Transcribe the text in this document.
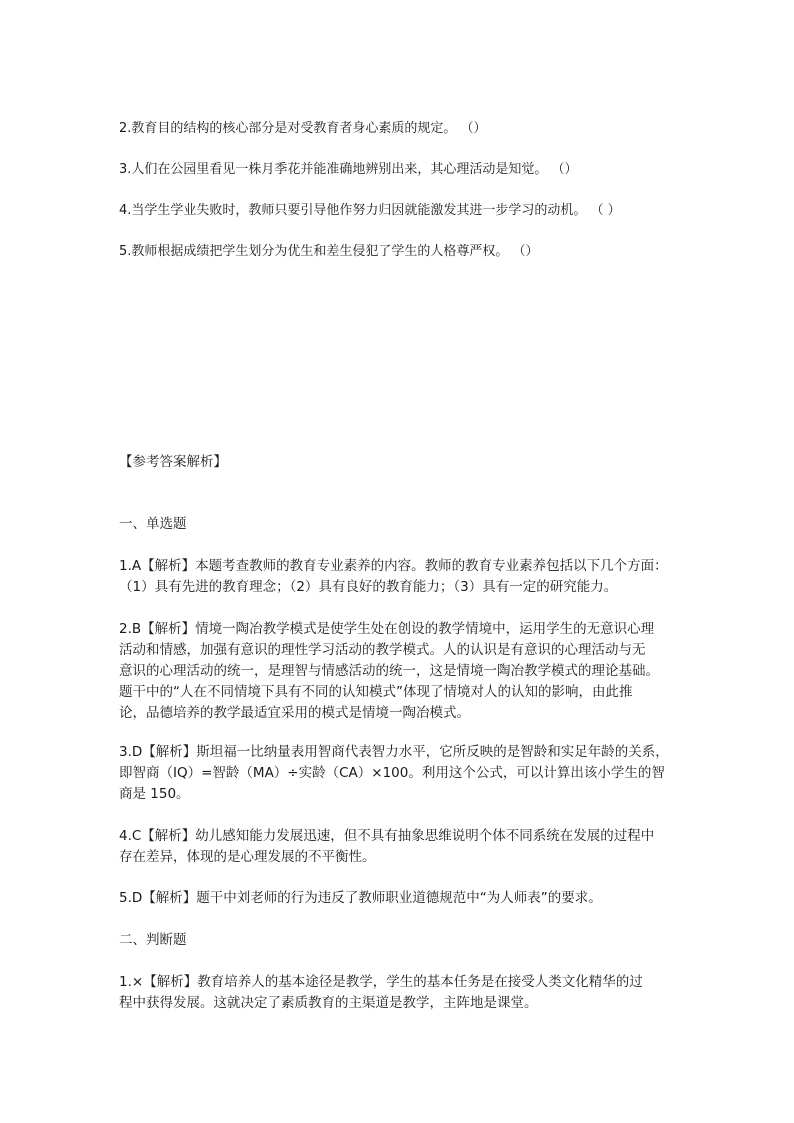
2.教育目的结构的核心部分是对受教育者身心素质的规定。 （）
3.人们在公园里看见一株月季花并能准确地辨别出来，其心理活动是知觉。 （）
4.当学生学业失败时，教师只要引导他作努力归因就能激发其进一步学习的动机。 （ ）
5.教师根据成绩把学生划分为优生和差生侵犯了学生的人格尊严权。 （）
【参考答案解析】
一、单选题
1.A【解析】本题考查教师的教育专业素养的内容。教师的教育专业素养包括以下几个方面：
（1）具有先进的教育理念；（2）具有良好的教育能力；（3）具有一定的研究能力。
2.B【解析】情境一陶冶教学模式是使学生处在创设的教学情境中，运用学生的无意识心理
活动和情感，加强有意识的理性学习活动的教学模式。人的认识是有意识的心理活动与无
意识的心理活动的统一，是理智与情感活动的统一，这是情境一陶冶教学模式的理论基础。
题干中的“人在不同情境下具有不同的认知模式”体现了情境对人的认知的影响，由此推
论，品德培养的教学最适宜采用的模式是情境一陶冶模式。
3.D【解析】斯坦福一比纳量表用智商代表智力水平，它所反映的是智龄和实足年龄的关系，
即智商（IQ）=智龄（MA）÷实龄（CA）×100。利用这个公式，可以计算出该小学生的智
商是 150。
4.C【解析】幼儿感知能力发展迅速，但不具有抽象思维说明个体不同系统在发展的过程中
存在差异，体现的是心理发展的不平衡性。
5.D【解析】题干中刘老师的行为违反了教师职业道德规范中“为人师表”的要求。
二、判断题
1.×【解析】教育培养人的基本途径是教学，学生的基本任务是在接受人类文化精华的过
程中获得发展。这就决定了素质教育的主渠道是教学，主阵地是课堂。
